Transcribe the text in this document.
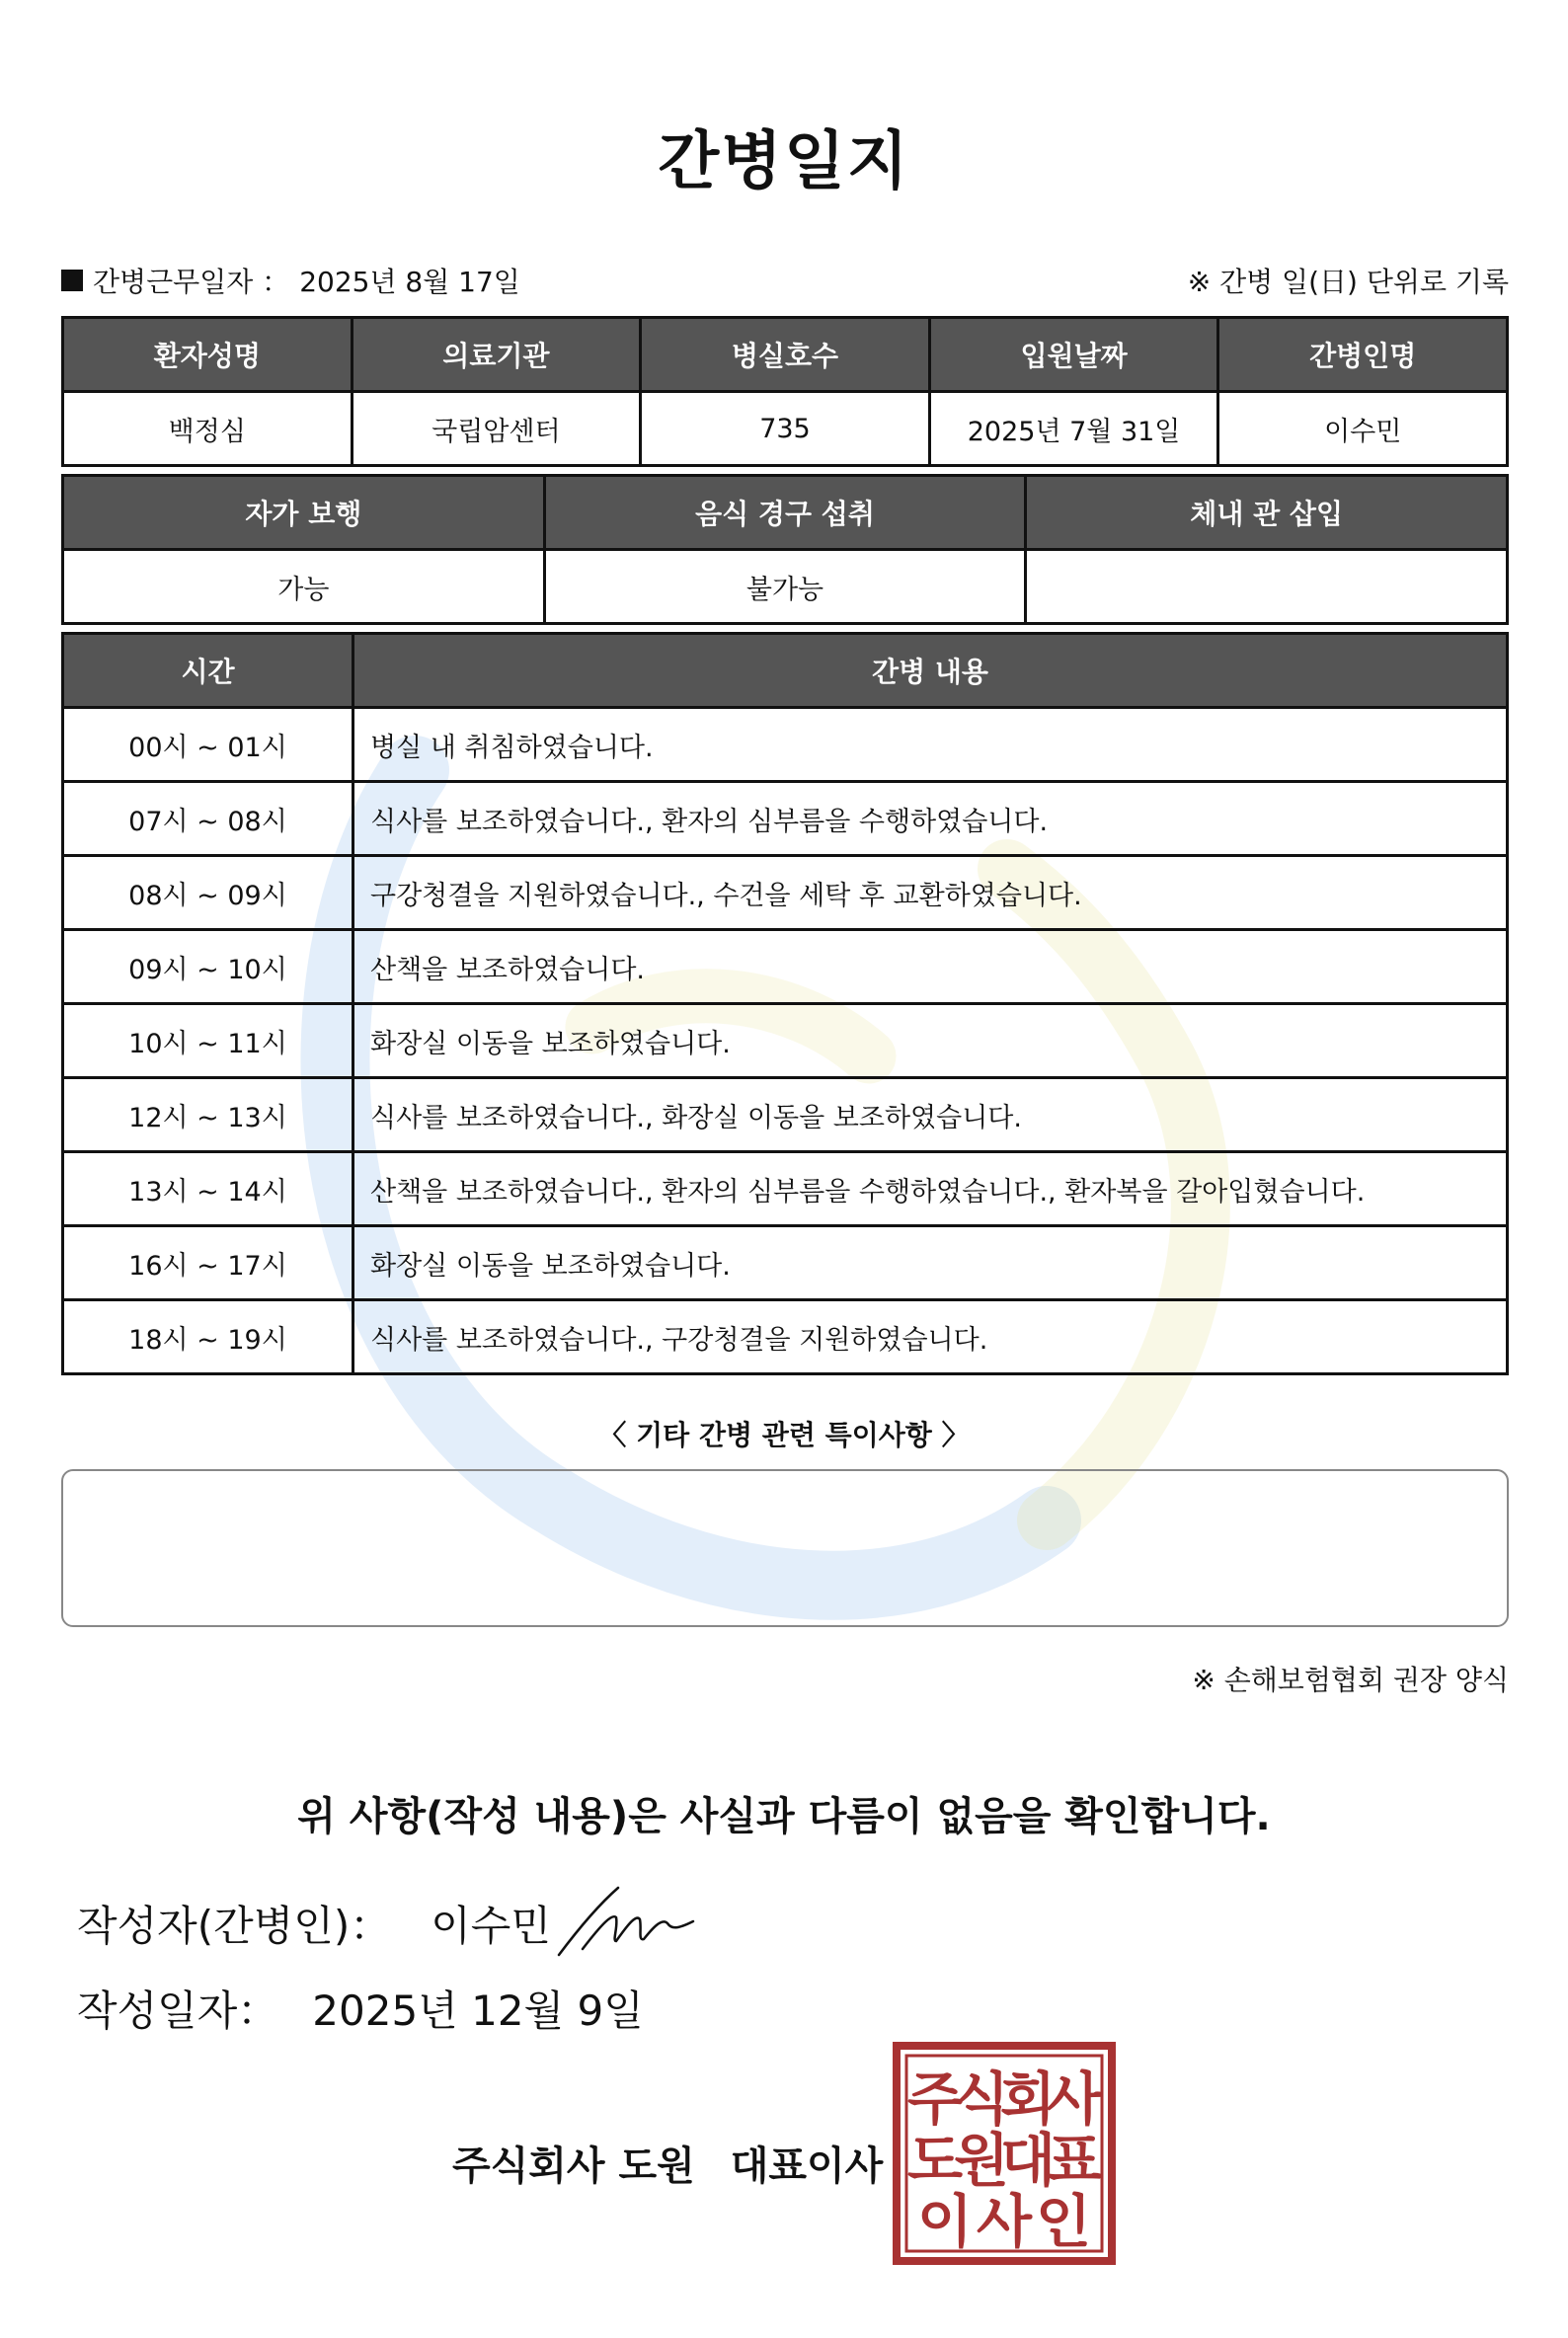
간병일지
간병근무일자 ： 2025년 8월 17일	※ 간병 일(日) 단위로 기록
환자성명	의료기관	병실호수	입원날짜	간병인명
백정심	국립암센터	735	2025년 7월 31일	이수민
자가 보행	음식 경구 섭취	체내 관 삽입
가능	불가능	
시간	간병 내용
00시 ~ 01시	병실 내 취침하였습니다.
07시 ~ 08시	식사를 보조하였습니다., 환자의 심부름을 수행하였습니다.
08시 ~ 09시	구강청결을 지원하였습니다., 수건을 세탁 후 교환하였습니다.
09시 ~ 10시	산책을 보조하였습니다.
10시 ~ 11시	화장실 이동을 보조하였습니다.
12시 ~ 13시	식사를 보조하였습니다., 화장실 이동을 보조하였습니다.
13시 ~ 14시	산책을 보조하였습니다., 환자의 심부름을 수행하였습니다., 환자복을 갈아입혔습니다.
16시 ~ 17시	화장실 이동을 보조하였습니다.
18시 ~ 19시	식사를 보조하였습니다., 구강청결을 지원하였습니다.
〈 기타 간병 관련 특이사항 〉
※ 손해보험협회 권장 양식
위 사항(작성 내용)은 사실과 다름이 없음을 확인합니다.
작성자(간병인)： 이수민
작성일자： 2025년 12월 9일
주식회사 도원 대표이사
주
식
회
사
도
원
대
표
이 사 인
